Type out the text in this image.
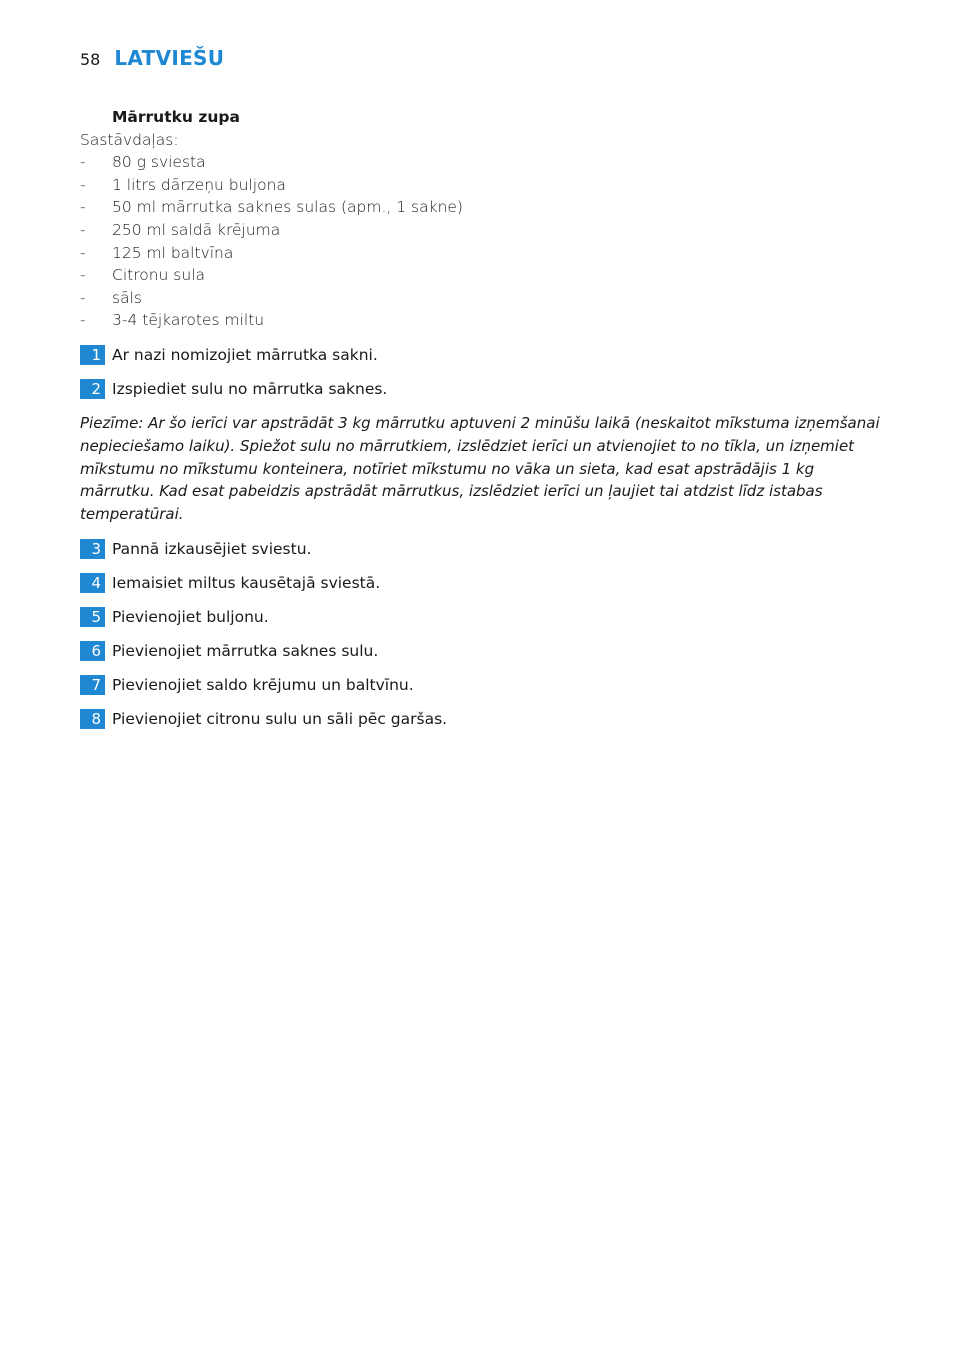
58 LATVIEŠU
Mārrutku zupa
Sastāvdaļas:
-	80 g sviesta
-	1 litrs dārzeņu buljona
-	50 ml mārrutka saknes sulas (apm., 1 sakne)
-	250 ml saldā krējuma
-	125 ml baltvīna
-	Citronu sula
-	sāls
-	3-4 tējkarotes miltu
1 Ar nazi nomizojiet mārrutka sakni.
2 Izspiediet sulu no mārrutka saknes.
Piezīme: Ar šo ierīci var apstrādāt 3 kg mārrutku aptuveni 2 minūšu laikā (neskaitot mīkstuma izņemšanai nepieciešamo laiku). Spiežot sulu no mārrutkiem, izslēdziet ierīci un atvienojiet to no tīkla, un izņemiet mīkstumu no mīkstumu konteinera, notīriet mīkstumu no vāka un sieta, kad esat apstrādājis 1 kg mārrutku. Kad esat pabeidzis apstrādāt mārrutkus, izslēdziet ierīci un ļaujiet tai atdzist līdz istabas temperatūrai.
3 Pannā izkausējiet sviestu.
4 Iemaisiet miltus kausētajā sviestā.
5 Pievienojiet buljonu.
6 Pievienojiet mārrutka saknes sulu.
7 Pievienojiet saldo krējumu un baltvīnu.
8 Pievienojiet citronu sulu un sāli pēc garšas.
